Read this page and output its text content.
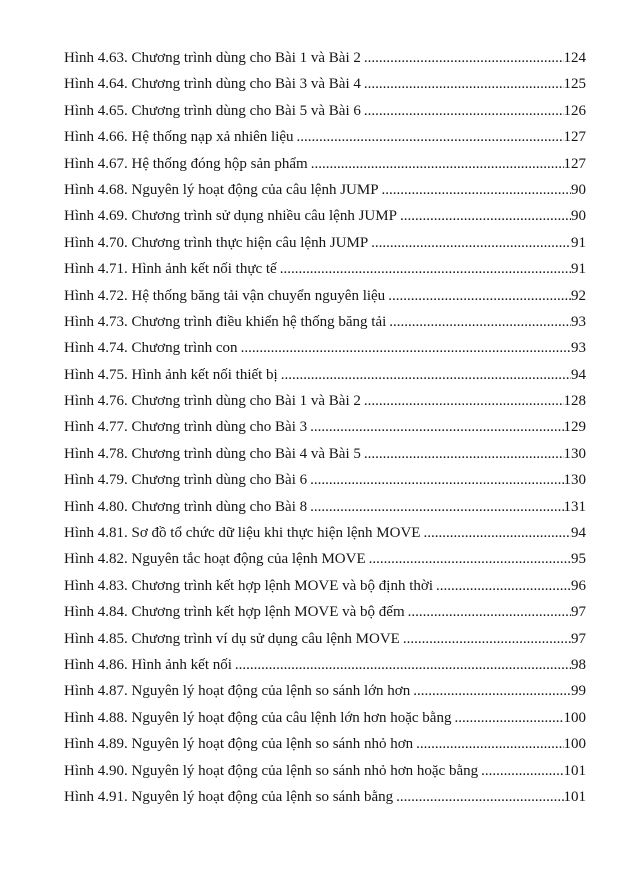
Hình 4.63. Chương trình dùng cho Bài 1 và Bài 2 .....	124
Hình 4.64. Chương trình dùng cho Bài 3 và Bài 4 .....	125
Hình 4.65. Chương trình dùng cho Bài 5 và Bài 6 .....	126
Hình 4.66. Hệ thống nạp xả nhiên liệu .....	127
Hình 4.67. Hệ thống đóng hộp sản phẩm .....	127
Hình 4.68. Nguyên lý hoạt động của câu lệnh JUMP .....	90
Hình 4.69. Chương trình sử dụng nhiều câu lệnh JUMP .....	90
Hình 4.70. Chương trình thực hiện câu lệnh JUMP .....	91
Hình 4.71. Hình ảnh kết nối thực tế .....	91
Hình 4.72. Hệ thống băng tải vận chuyển nguyên liệu .....	92
Hình 4.73. Chương trình điều khiển hệ thống băng tải .....	93
Hình 4.74. Chương trình con .....	93
Hình 4.75. Hình ảnh kết nối thiết bị .....	94
Hình 4.76. Chương trình dùng cho Bài 1 và Bài 2 .....	128
Hình 4.77. Chương trình dùng cho Bài 3 .....	129
Hình 4.78. Chương trình dùng cho Bài 4 và Bài 5 .....	130
Hình 4.79. Chương trình dùng cho Bài 6 .....	130
Hình 4.80. Chương trình dùng cho Bài 8 .....	131
Hình 4.81. Sơ đồ tổ chức dữ liệu khi thực hiện lệnh MOVE .....	94
Hình 4.82. Nguyên tắc hoạt động của lệnh MOVE .....	95
Hình 4.83. Chương trình kết hợp lệnh MOVE và bộ định thời .....	96
Hình 4.84. Chương trình kết hợp lệnh MOVE và bộ đếm .....	97
Hình 4.85. Chương trình ví dụ sử dụng câu lệnh MOVE .....	97
Hình 4.86. Hình ảnh kết nối .....	98
Hình 4.87. Nguyên lý hoạt động của lệnh so sánh lớn hơn .....	99
Hình 4.88. Nguyên lý hoạt động của câu lệnh lớn hơn hoặc bằng .....	100
Hình 4.89. Nguyên lý hoạt động của lệnh so sánh nhỏ hơn .....	100
Hình 4.90. Nguyên lý hoạt động của lệnh so sánh nhỏ hơn hoặc bằng .....	101
Hình 4.91. Nguyên lý hoạt động của lệnh so sánh bằng .....	101
